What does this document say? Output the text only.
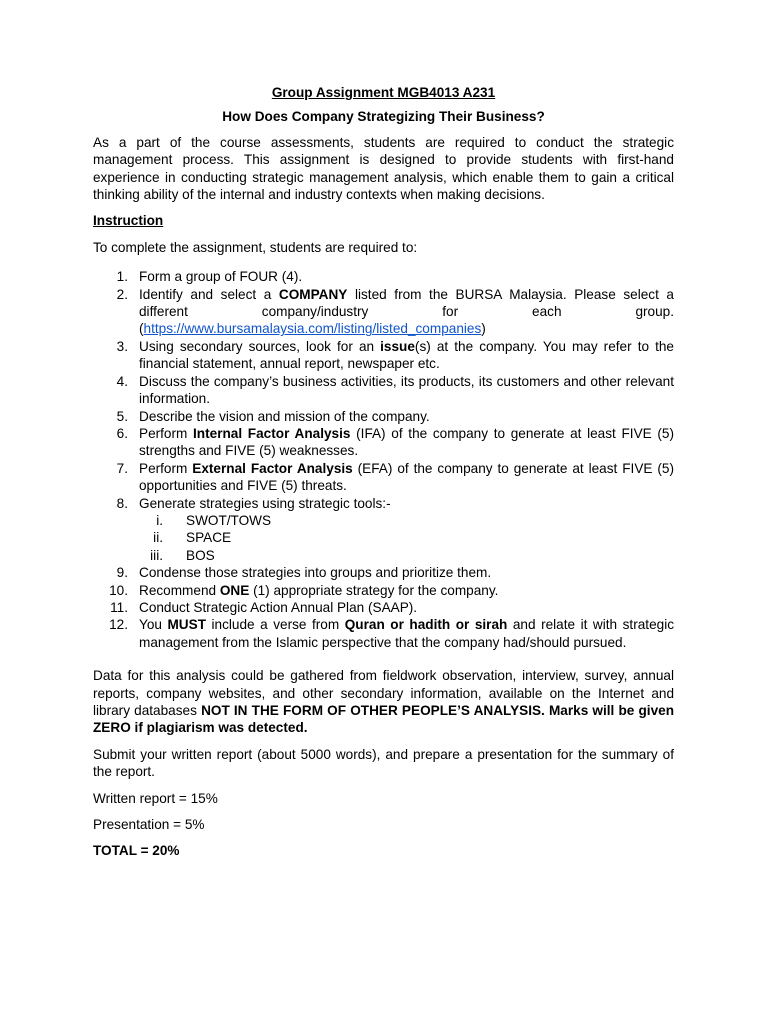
Group Assignment MGB4013 A231

How Does Company Strategizing Their Business?

As a part of the course assessments, students are required to conduct the strategic management process. This assignment is designed to provide students with first-hand experience in conducting strategic management analysis, which enable them to gain a critical thinking ability of the internal and industry contexts when making decisions.

Instruction

To complete the assignment, students are required to:

1. Form a group of FOUR (4).
2. Identify and select a COMPANY listed from the BURSA Malaysia. Please select a different company/industry for each group.
(https://www.bursamalaysia.com/listing/listed_companies)
3. Using secondary sources, look for an issue(s) at the company. You may refer to the financial statement, annual report, newspaper etc.
4. Discuss the company’s business activities, its products, its customers and other relevant information.
5. Describe the vision and mission of the company.
6. Perform Internal Factor Analysis (IFA) of the company to generate at least FIVE (5) strengths and FIVE (5) weaknesses.
7. Perform External Factor Analysis (EFA) of the company to generate at least FIVE (5) opportunities and FIVE (5) threats.
8. Generate strategies using strategic tools:-
i. SWOT/TOWS
ii. SPACE
iii. BOS
9. Condense those strategies into groups and prioritize them.
10. Recommend ONE (1) appropriate strategy for the company.
11. Conduct Strategic Action Annual Plan (SAAP).
12. You MUST include a verse from Quran or hadith or sirah and relate it with strategic management from the Islamic perspective that the company had/should pursued.

Data for this analysis could be gathered from fieldwork observation, interview, survey, annual reports, company websites, and other secondary information, available on the Internet and library databases NOT IN THE FORM OF OTHER PEOPLE’S ANALYSIS. Marks will be given ZERO if plagiarism was detected.

Submit your written report (about 5000 words), and prepare a presentation for the summary of the report.

Written report = 15%

Presentation = 5%

TOTAL = 20%
